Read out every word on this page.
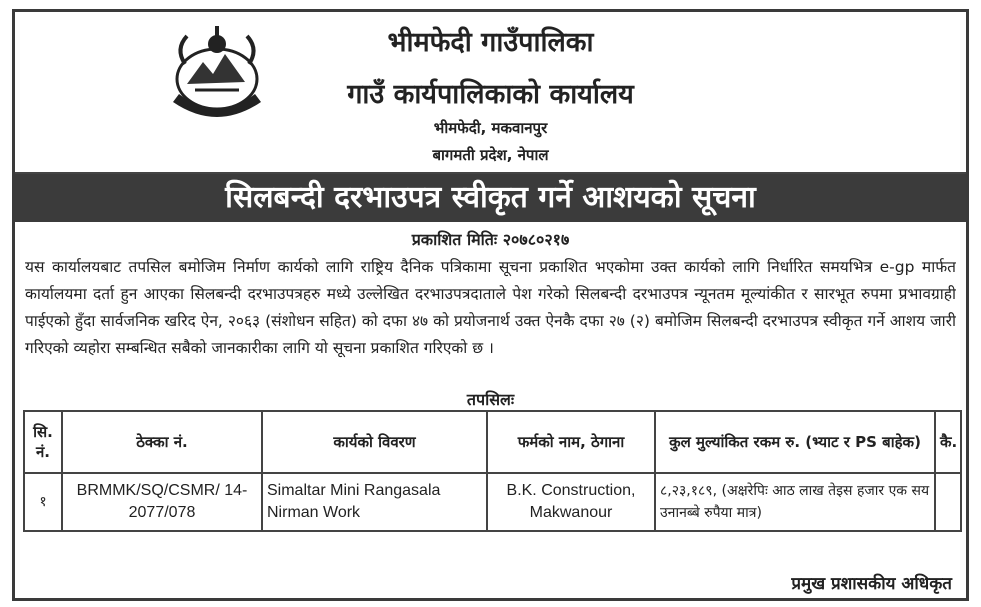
भीमफेदी गाउँपालिका
गाउँ कार्यपालिकाको कार्यालय
भीमफेदी, मकवानपुर
बागमती प्रदेश, नेपाल
सिलबन्दी दरभाउपत्र स्वीकृत गर्ने आशयको सूचना
प्रकाशित मितिः २०७८०२१७
यस कार्यालयबाट तपसिल बमोजिम निर्माण कार्यको लागि राष्ट्रिय दैनिक पत्रिकामा सूचना प्रकाशित भएकोमा उक्त कार्यको लागि निर्धारित समयभित्र e-gp मार्फत कार्यालयमा दर्ता हुन आएका सिलबन्दी दरभाउपत्रहरु मध्ये उल्लेखित दरभाउपत्रदाताले पेश गरेको सिलबन्दी दरभाउपत्र न्यूनतम मूल्यांकीत र सारभूत रुपमा प्रभावग्राही पाईएको हुँदा सार्वजनिक खरिद ऐन, २०६३ (संशोधन सहित) को दफा ४७ को प्रयोजनार्थ उक्त ऐनकै दफा २७ (२) बमोजिम सिलबन्दी दरभाउपत्र स्वीकृत गर्ने आशय जारी गरिएको व्यहोरा सम्बन्धित सबैको जानकारीका लागि यो सूचना प्रकाशित गरिएको छ ।
तपसिलः
सि. नं.	ठेक्का नं.	कार्यको विवरण	फर्मको नाम, ठेगाना	कुल मुल्यांकित रकम रु. (भ्याट र PS बाहेक)	कै.
१	BRMMK/SQ/CSMR/ 14-2077/078	Simaltar Mini Rangasala Nirman Work	B.K. Construction, Makwanour	८,२३,१८९, (अक्षरेपिः आठ लाख तेइस हजार एक सय उनानब्बे रुपैया मात्र)	
प्रमुख प्रशासकीय अधिकृत
